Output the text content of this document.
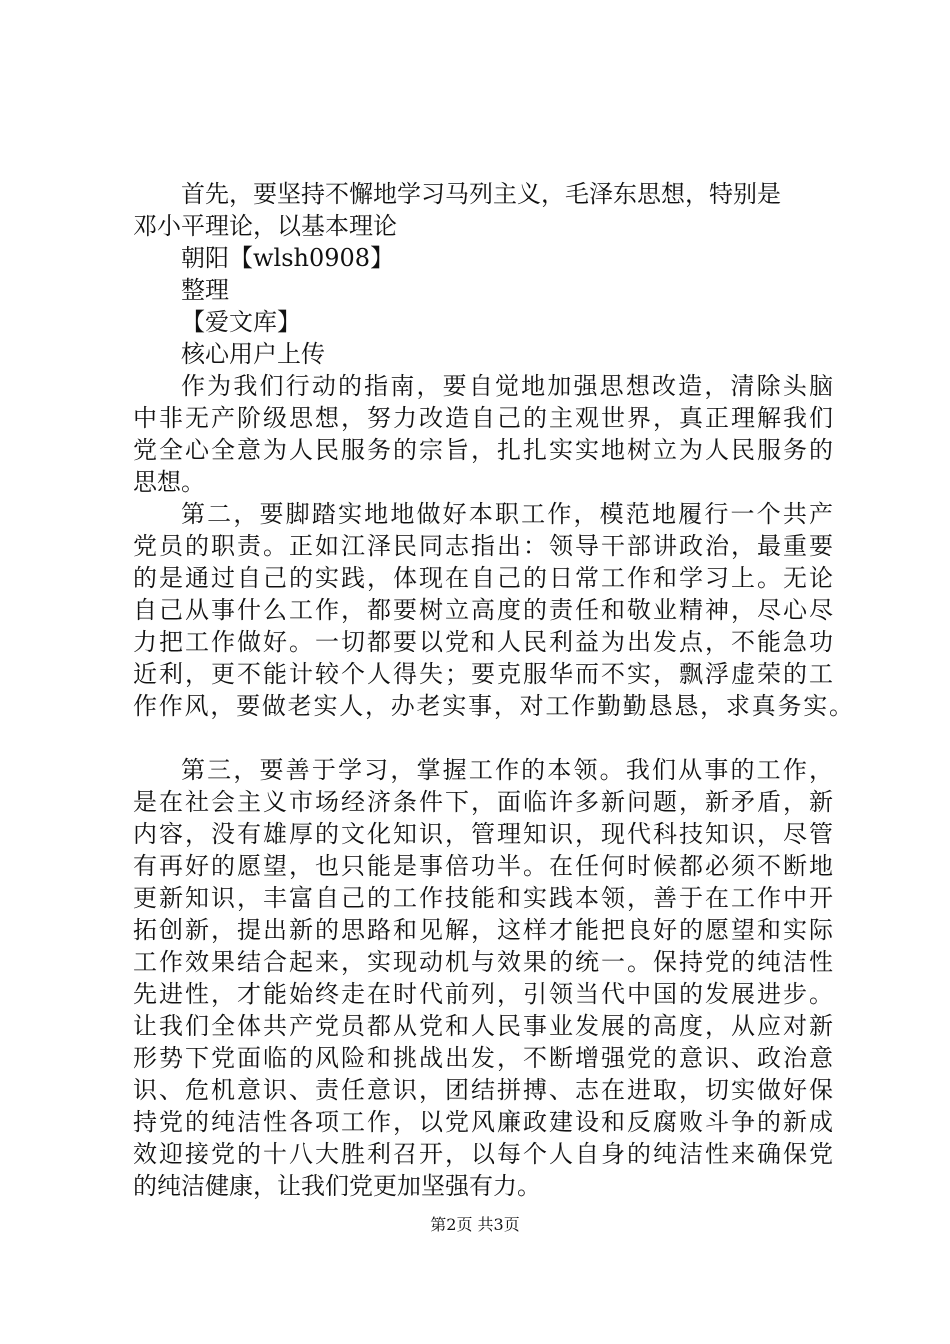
首先，要坚持不懈地学习马列主义，毛泽东思想，特别是
邓小平理论，以基本理论
朝阳【wlsh0908】
整理
【爱文库】
核心用户上传
作为我们行动的指南，要自觉地加强思想改造，清除头脑
中非无产阶级思想，努力改造自己的主观世界，真正理解我们
党全心全意为人民服务的宗旨，扎扎实实地树立为人民服务的
思想。
第二，要脚踏实地地做好本职工作，模范地履行一个共产
党员的职责。正如江泽民同志指出：领导干部讲政治，最重要
的是通过自己的实践，体现在自己的日常工作和学习上。无论
自己从事什么工作，都要树立高度的责任和敬业精神，尽心尽
力把工作做好。一切都要以党和人民利益为出发点，不能急功
近利，更不能计较个人得失；要克服华而不实，飘浮虚荣的工
作作风，要做老实人，办老实事，对工作勤勤恳恳，求真务实。
第三，要善于学习，掌握工作的本领。我们从事的工作，
是在社会主义市场经济条件下，面临许多新问题，新矛盾，新
内容，没有雄厚的文化知识，管理知识，现代科技知识，尽管
有再好的愿望，也只能是事倍功半。在任何时候都必须不断地
更新知识，丰富自己的工作技能和实践本领，善于在工作中开
拓创新，提出新的思路和见解，这样才能把良好的愿望和实际
工作效果结合起来，实现动机与效果的统一。保持党的纯洁性
先进性，才能始终走在时代前列，引领当代中国的发展进步。
让我们全体共产党员都从党和人民事业发展的高度，从应对新
形势下党面临的风险和挑战出发，不断增强党的意识、政治意
识、危机意识、责任意识，团结拼搏、志在进取，切实做好保
持党的纯洁性各项工作，以党风廉政建设和反腐败斗争的新成
效迎接党的十八大胜利召开，以每个人自身的纯洁性来确保党
的纯洁健康，让我们党更加坚强有力。
第2页 共3页
